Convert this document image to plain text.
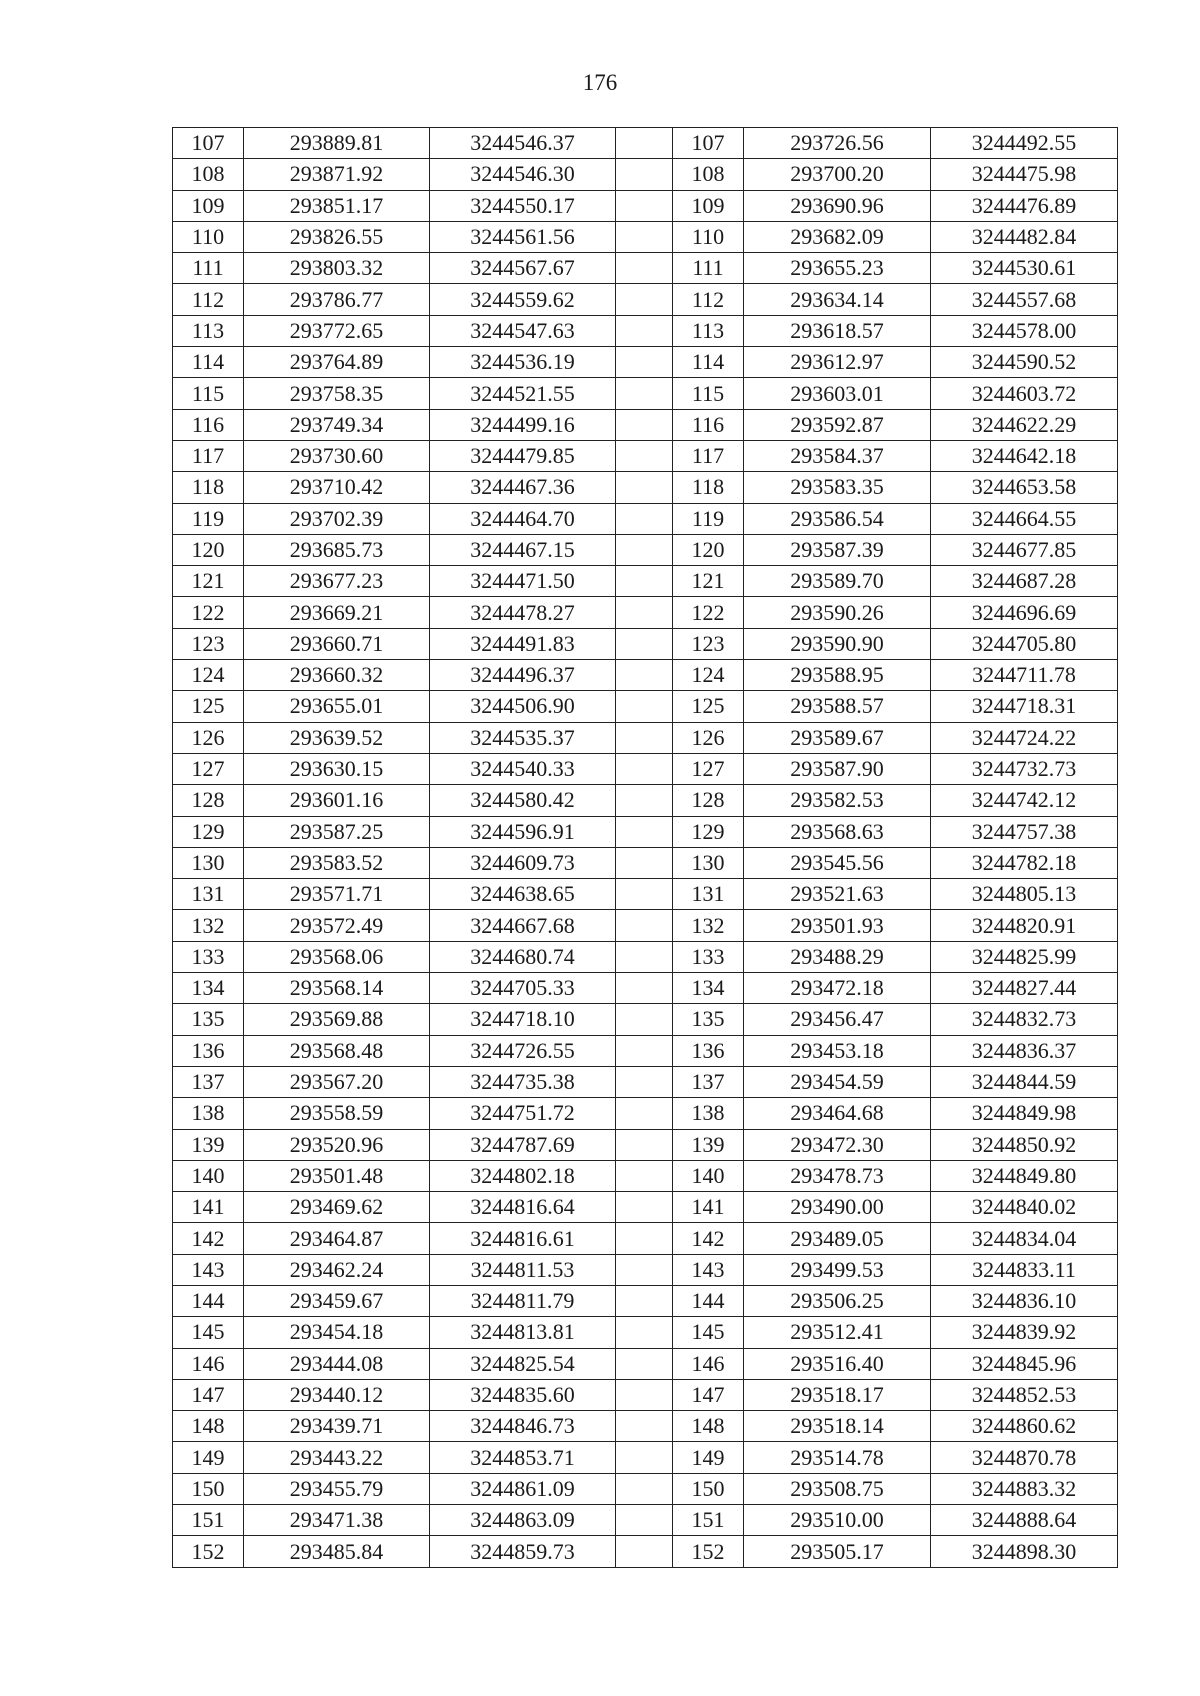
176
107	293889.81	3244546.37		107	293726.56	3244492.55
108	293871.92	3244546.30		108	293700.20	3244475.98
109	293851.17	3244550.17		109	293690.96	3244476.89
110	293826.55	3244561.56		110	293682.09	3244482.84
111	293803.32	3244567.67		111	293655.23	3244530.61
112	293786.77	3244559.62		112	293634.14	3244557.68
113	293772.65	3244547.63		113	293618.57	3244578.00
114	293764.89	3244536.19		114	293612.97	3244590.52
115	293758.35	3244521.55		115	293603.01	3244603.72
116	293749.34	3244499.16		116	293592.87	3244622.29
117	293730.60	3244479.85		117	293584.37	3244642.18
118	293710.42	3244467.36		118	293583.35	3244653.58
119	293702.39	3244464.70		119	293586.54	3244664.55
120	293685.73	3244467.15		120	293587.39	3244677.85
121	293677.23	3244471.50		121	293589.70	3244687.28
122	293669.21	3244478.27		122	293590.26	3244696.69
123	293660.71	3244491.83		123	293590.90	3244705.80
124	293660.32	3244496.37		124	293588.95	3244711.78
125	293655.01	3244506.90		125	293588.57	3244718.31
126	293639.52	3244535.37		126	293589.67	3244724.22
127	293630.15	3244540.33		127	293587.90	3244732.73
128	293601.16	3244580.42		128	293582.53	3244742.12
129	293587.25	3244596.91		129	293568.63	3244757.38
130	293583.52	3244609.73		130	293545.56	3244782.18
131	293571.71	3244638.65		131	293521.63	3244805.13
132	293572.49	3244667.68		132	293501.93	3244820.91
133	293568.06	3244680.74		133	293488.29	3244825.99
134	293568.14	3244705.33		134	293472.18	3244827.44
135	293569.88	3244718.10		135	293456.47	3244832.73
136	293568.48	3244726.55		136	293453.18	3244836.37
137	293567.20	3244735.38		137	293454.59	3244844.59
138	293558.59	3244751.72		138	293464.68	3244849.98
139	293520.96	3244787.69		139	293472.30	3244850.92
140	293501.48	3244802.18		140	293478.73	3244849.80
141	293469.62	3244816.64		141	293490.00	3244840.02
142	293464.87	3244816.61		142	293489.05	3244834.04
143	293462.24	3244811.53		143	293499.53	3244833.11
144	293459.67	3244811.79		144	293506.25	3244836.10
145	293454.18	3244813.81		145	293512.41	3244839.92
146	293444.08	3244825.54		146	293516.40	3244845.96
147	293440.12	3244835.60		147	293518.17	3244852.53
148	293439.71	3244846.73		148	293518.14	3244860.62
149	293443.22	3244853.71		149	293514.78	3244870.78
150	293455.79	3244861.09		150	293508.75	3244883.32
151	293471.38	3244863.09		151	293510.00	3244888.64
152	293485.84	3244859.73		152	293505.17	3244898.30
